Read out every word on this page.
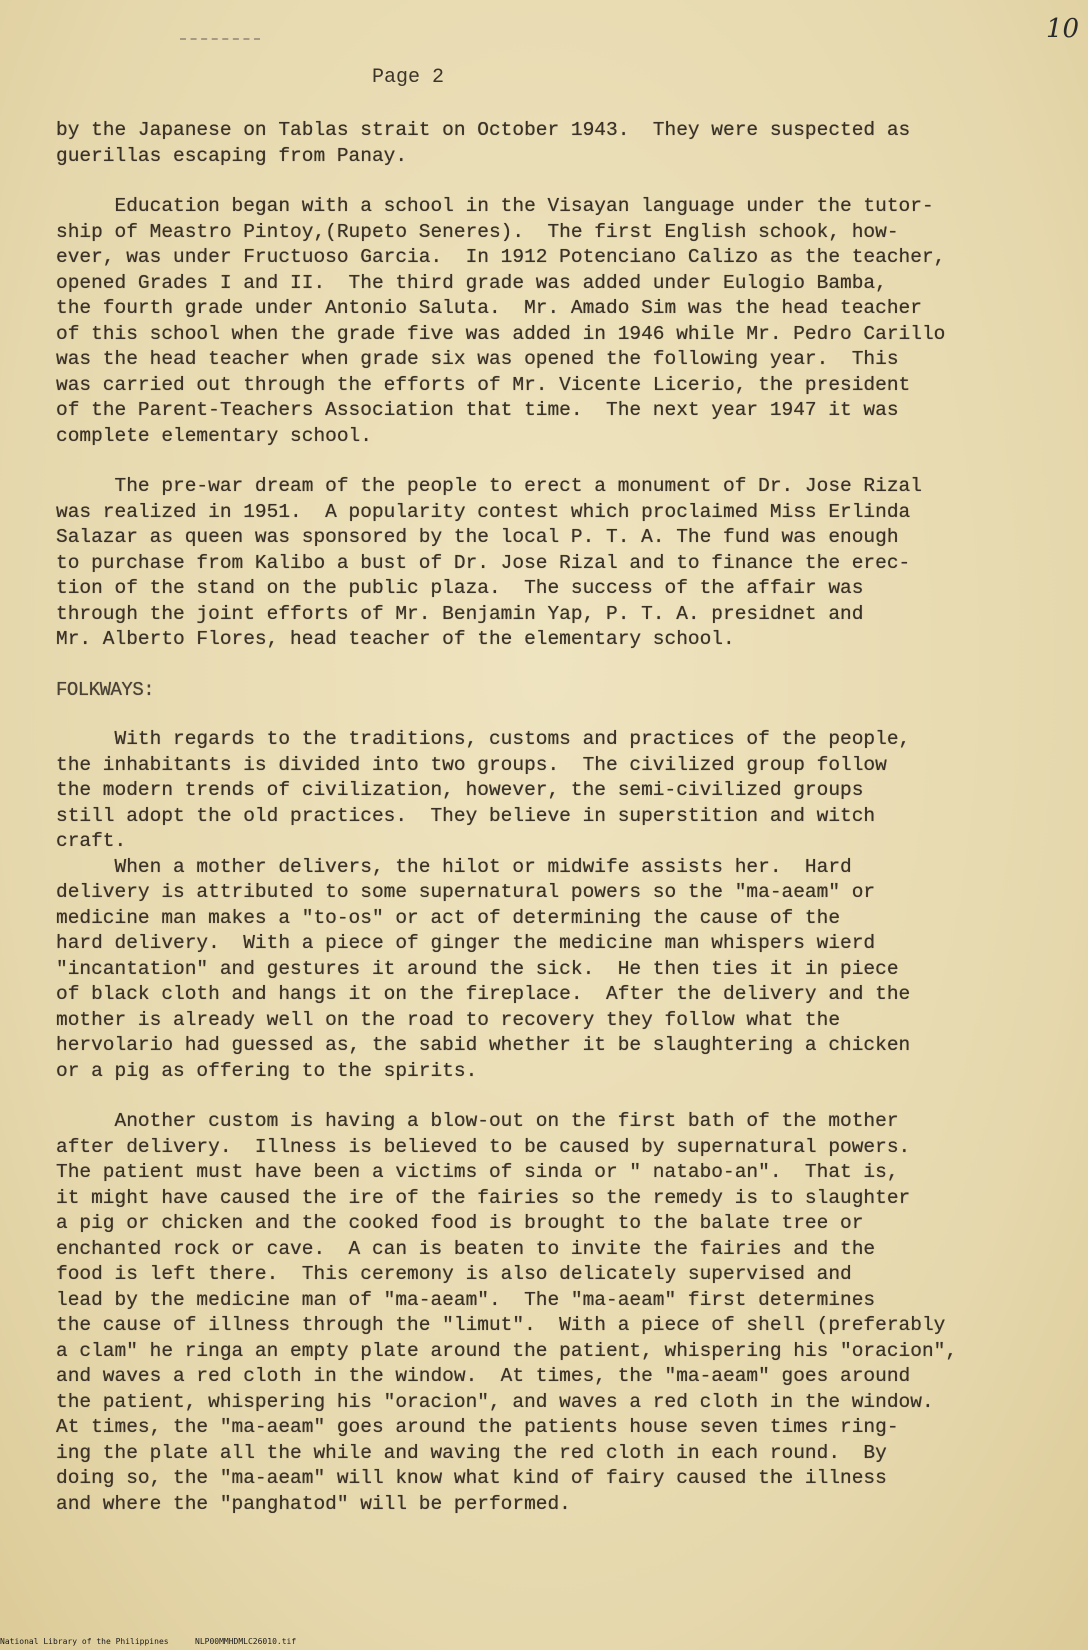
10
Page 2

by the Japanese on Tablas strait on October 1943.  They were suspected as

guerillas escaping from Panay.

Education began with a school in the Visayan language under the tutor-

ship of Meastro Pintoy,(Rupeto Seneres).  The first English schook, how-

ever, was under Fructuoso Garcia.  In 1912 Potenciano Calizo as the teacher,

opened Grades I and II.  The third grade was added under Eulogio Bamba,

the fourth grade under Antonio Saluta.  Mr. Amado Sim was the head teacher

of this school when the grade five was added in 1946 while Mr. Pedro Carillo

was the head teacher when grade six was opened the following year.  This

was carried out through the efforts of Mr. Vicente Licerio, the president

of the Parent-Teachers Association that time.  The next year 1947 it was

complete elementary school.

The pre-war dream of the people to erect a monument of Dr. Jose Rizal

was realized in 1951.  A popularity contest which proclaimed Miss Erlinda

Salazar as queen was sponsored by the local P. T. A. The fund was enough

to purchase from Kalibo a bust of Dr. Jose Rizal and to finance the erec-

tion of the stand on the public plaza.  The success of the affair was

through the joint efforts of Mr. Benjamin Yap, P. T. A. presidnet and

Mr. Alberto Flores, head teacher of the elementary school.

FOLKWAYS:

With regards to the traditions, customs and practices of the people,

the inhabitants is divided into two groups.  The civilized group follow

the modern trends of civilization, however, the semi-civilized groups

still adopt the old practices.  They believe in superstition and witch

craft.

When a mother delivers, the hilot or midwife assists her.  Hard

delivery is attributed to some supernatural powers so the "ma-aeam" or

medicine man makes a "to-os" or act of determining the cause of the

hard delivery.  With a piece of ginger the medicine man whispers wierd

"incantation" and gestures it around the sick.  He then ties it in piece

of black cloth and hangs it on the fireplace.  After the delivery and the

mother is already well on the road to recovery they follow what the

hervolario had guessed as, the sabid whether it be slaughtering a chicken

or a pig as offering to the spirits.

Another custom is having a blow-out on the first bath of the mother

after delivery.  Illness is believed to be caused by supernatural powers.

The patient must have been a victims of sinda or " natabo-an".  That is,

it might have caused the ire of the fairies so the remedy is to slaughter

a pig or chicken and the cooked food is brought to the balate tree or

enchanted rock or cave.  A can is beaten to invite the fairies and the

food is left there.  This ceremony is also delicately supervised and

lead by the medicine man of "ma-aeam".  The "ma-aeam" first determines

the cause of illness through the "limut".  With a piece of shell (preferably

a clam" he ringa an empty plate around the patient, whispering his "oracion",

and waves a red cloth in the window.  At times, the "ma-aeam" goes around

the patient, whispering his "oracion", and waves a red cloth in the window.

At times, the "ma-aeam" goes around the patients house seven times ring-

ing the plate all the while and waving the red cloth in each round.  By

doing so, the "ma-aeam" will know what kind of fairy caused the illness

and where the "panghatod" will be performed.

National Library of the Philippines	NLP00MMHDMLC26010.tif
